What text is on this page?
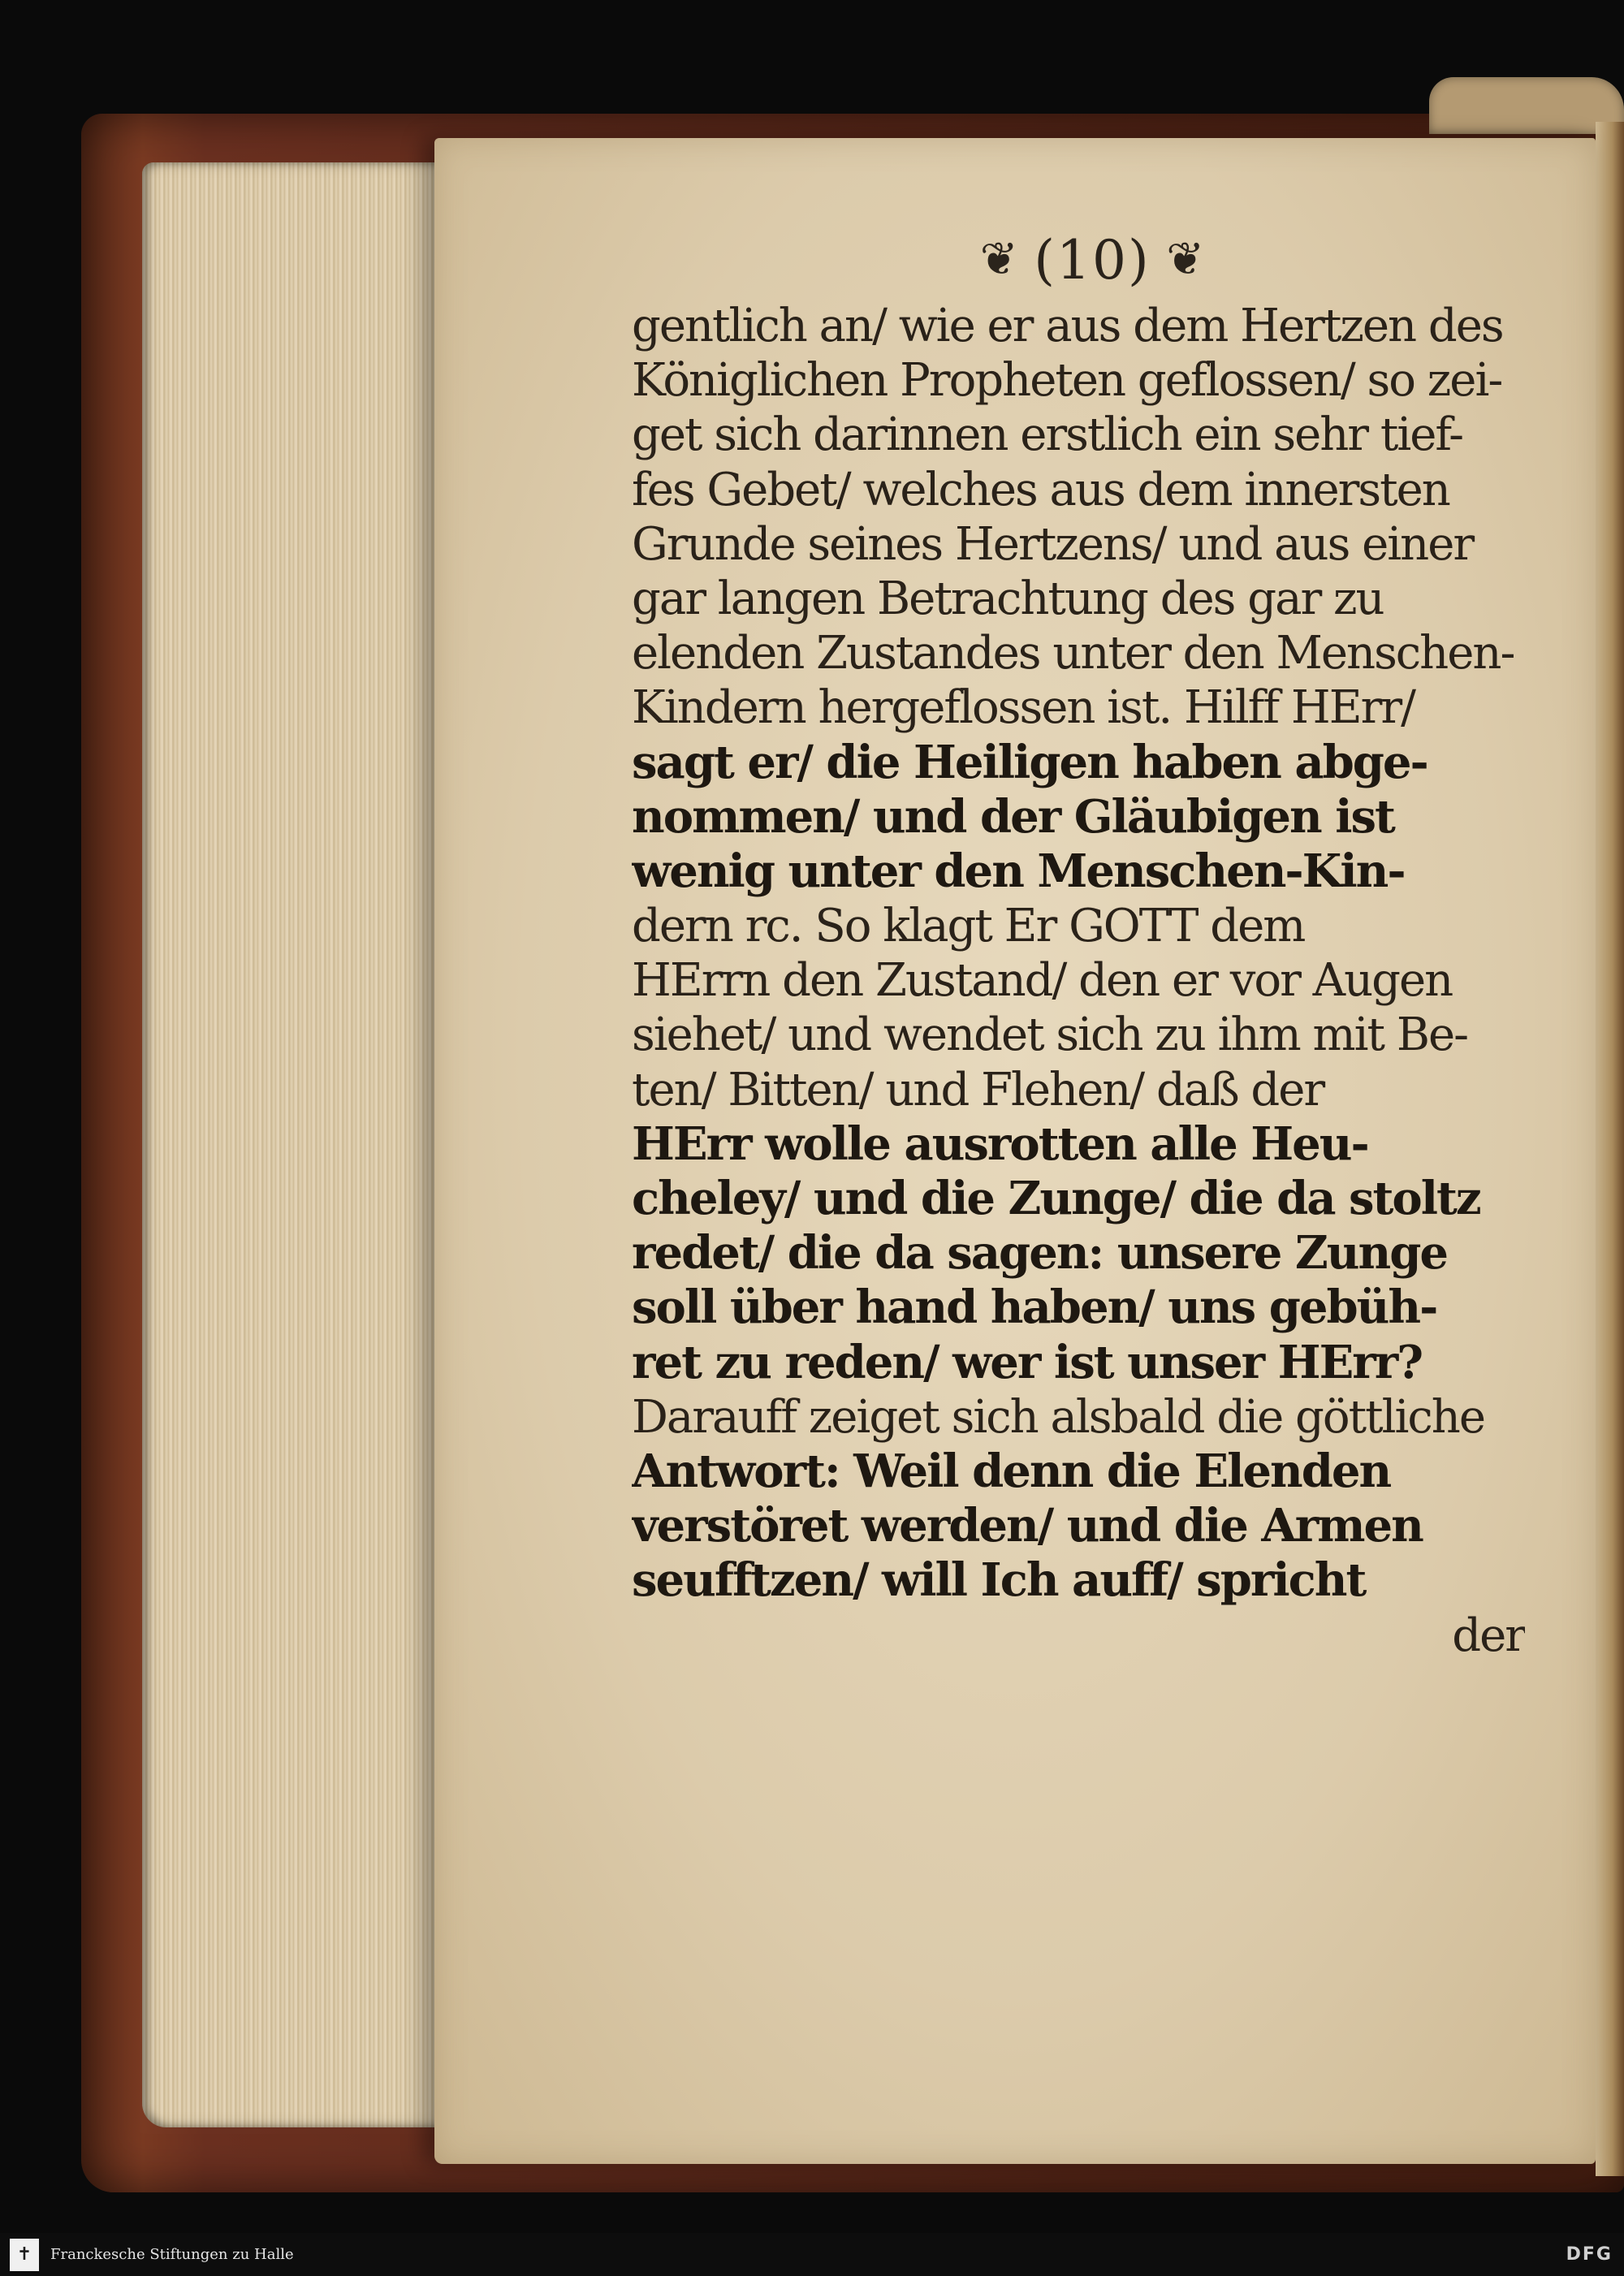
❦ (10) ❦
gentlich an/ wie er aus dem Hertzen des
Königlichen Propheten geflossen/ so zei-
get sich darinnen erstlich ein sehr tief-
fes Gebet/ welches aus dem innersten
Grunde seines Hertzens/ und aus einer
gar langen Betrachtung des gar zu
elenden Zustandes unter den Menschen-
Kindern hergeflossen ist. Hilff HErr/
sagt er/ die Heiligen haben abge-
nommen/ und der Gläubigen ist
wenig unter den Menschen-Kin-
dern rc. So klagt Er GOTT dem
HErrn den Zustand/ den er vor Augen
siehet/ und wendet sich zu ihm mit Be-
ten/ Bitten/ und Flehen/ daß der
HErr wolle ausrotten alle Heu-
cheley/ und die Zunge/ die da stoltz
redet/ die da sagen: unsere Zunge
soll über hand haben/ uns gebüh-
ret zu reden/ wer ist unser HErr?
Darauff zeiget sich alsbald die göttliche
Antwort: Weil denn die Elenden
verstöret werden/ und die Armen
seufftzen/ will Ich auff/ spricht
der
✝ Franckesche Stiftungen zu Halle	DFG
